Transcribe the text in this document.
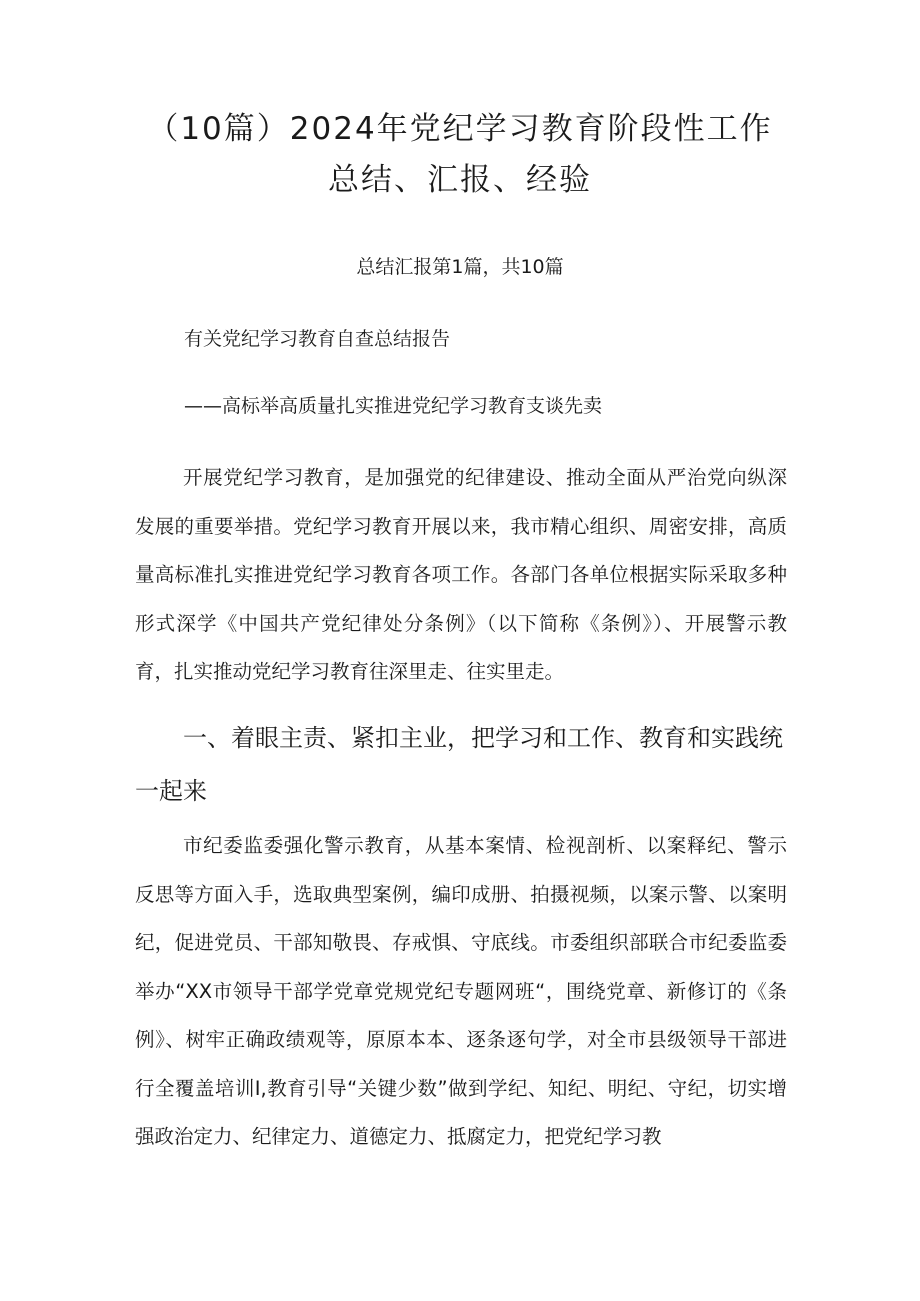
（10篇）2024年党纪学习教育阶段性工作
总结、汇报、经验
总结汇报第1篇，共10篇
有关党纪学习教育自查总结报告
——高标举高质量扎实推进党纪学习教育支谈先卖
开展党纪学习教育，是加强党的纪律建设、推动全面从严治党向纵深发展的重要举措。党纪学习教育开展以来，我市精心组织、周密安排，高质量高标准扎实推进党纪学习教育各项工作。各部门各单位根据实际采取多种形式深学《中国共产党纪律处分条例》（以下简称《条例》）、开展警示教育，扎实推动党纪学习教育往深里走、往实里走。
一、着眼主责、紧扣主业，把学习和工作、教育和实践统一起来
市纪委监委强化警示教育，从基本案情、检视剖析、以案释纪、警示反思等方面入手，选取典型案例，编印成册、拍摄视频，以案示警、以案明纪，促进党员、干部知敬畏、存戒惧、守底线。市委组织部联合市纪委监委举办“XX市领导干部学党章党规党纪专题网班“，围绕党章、新修订的《条例》、树牢正确政绩观等，原原本本、逐条逐句学，对全市县级领导干部进行全覆盖培训I,教育引导“关键少数”做到学纪、知纪、明纪、守纪，切实增强政治定力、纪律定力、道德定力、抵腐定力，把党纪学习教
